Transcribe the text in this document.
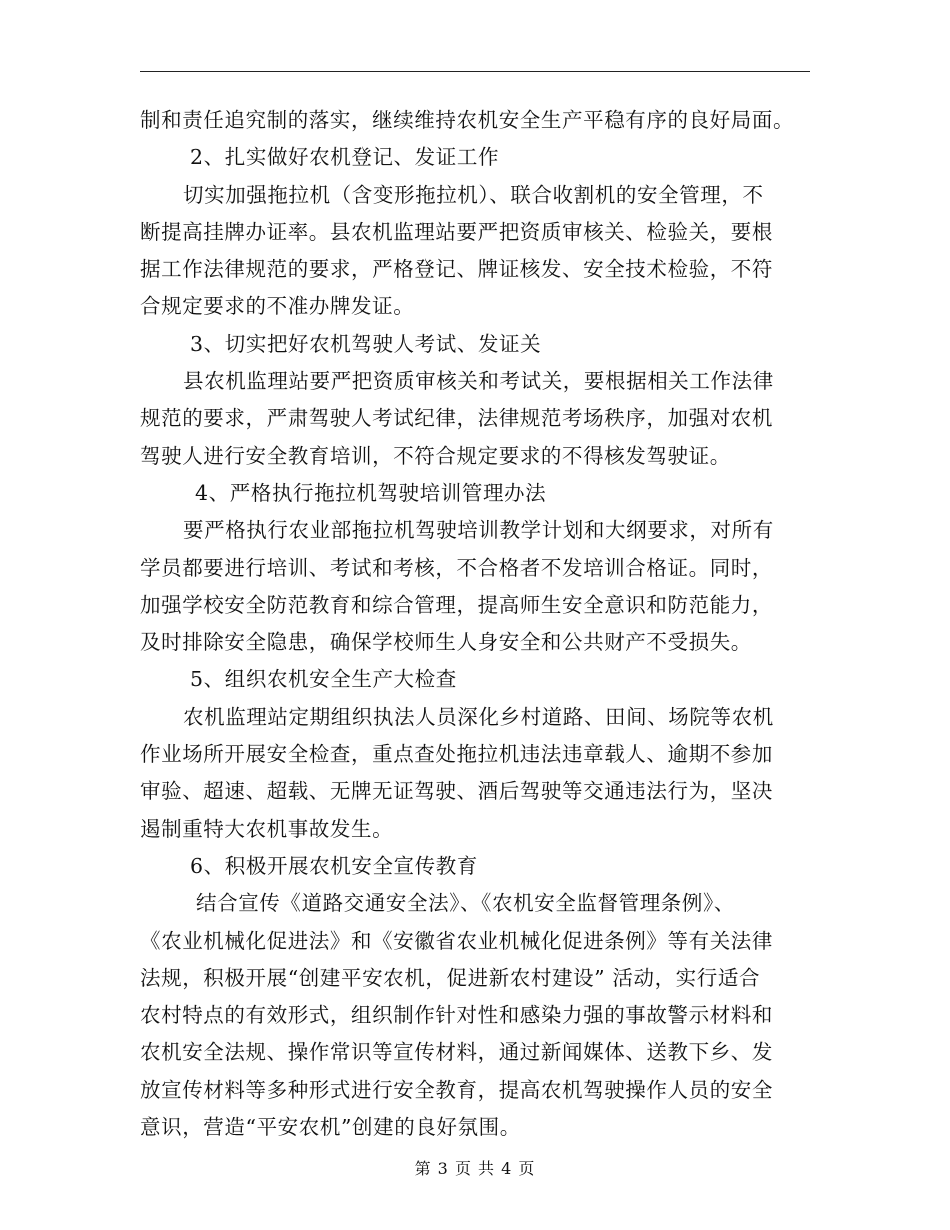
制和责任追究制的落实，继续维持农机安全生产平稳有序的良好局面。
2、扎实做好农机登记、发证工作
切实加强拖拉机（含变形拖拉机）、联合收割机的安全管理，不
断提高挂牌办证率。县农机监理站要严把资质审核关、检验关，要根
据工作法律规范的要求，严格登记、牌证核发、安全技术检验，不符
合规定要求的不准办牌发证。
3、切实把好农机驾驶人考试、发证关
县农机监理站要严把资质审核关和考试关，要根据相关工作法律
规范的要求，严肃驾驶人考试纪律，法律规范考场秩序，加强对农机
驾驶人进行安全教育培训，不符合规定要求的不得核发驾驶证。
4、严格执行拖拉机驾驶培训管理办法
要严格执行农业部拖拉机驾驶培训教学计划和大纲要求，对所有
学员都要进行培训、考试和考核，不合格者不发培训合格证。同时，
加强学校安全防范教育和综合管理，提高师生安全意识和防范能力，
及时排除安全隐患，确保学校师生人身安全和公共财产不受损失。
5、组织农机安全生产大检查
农机监理站定期组织执法人员深化乡村道路、田间、场院等农机
作业场所开展安全检查，重点查处拖拉机违法违章载人、逾期不参加
审验、超速、超载、无牌无证驾驶、酒后驾驶等交通违法行为，坚决
遏制重特大农机事故发生。
6、积极开展农机安全宣传教育
结合宣传《道路交通安全法》、《农机安全监督管理条例》、
《农业机械化促进法》和《安徽省农业机械化促进条例》等有关法律
法规，积极开展“创建平安农机，促进新农村建设” 活动，实行适合
农村特点的有效形式，组织制作针对性和感染力强的事故警示材料和
农机安全法规、操作常识等宣传材料，通过新闻媒体、送教下乡、发
放宣传材料等多种形式进行安全教育，提高农机驾驶操作人员的安全
意识，营造“平安农机”创建的良好氛围。
第 3 页 共 4 页
